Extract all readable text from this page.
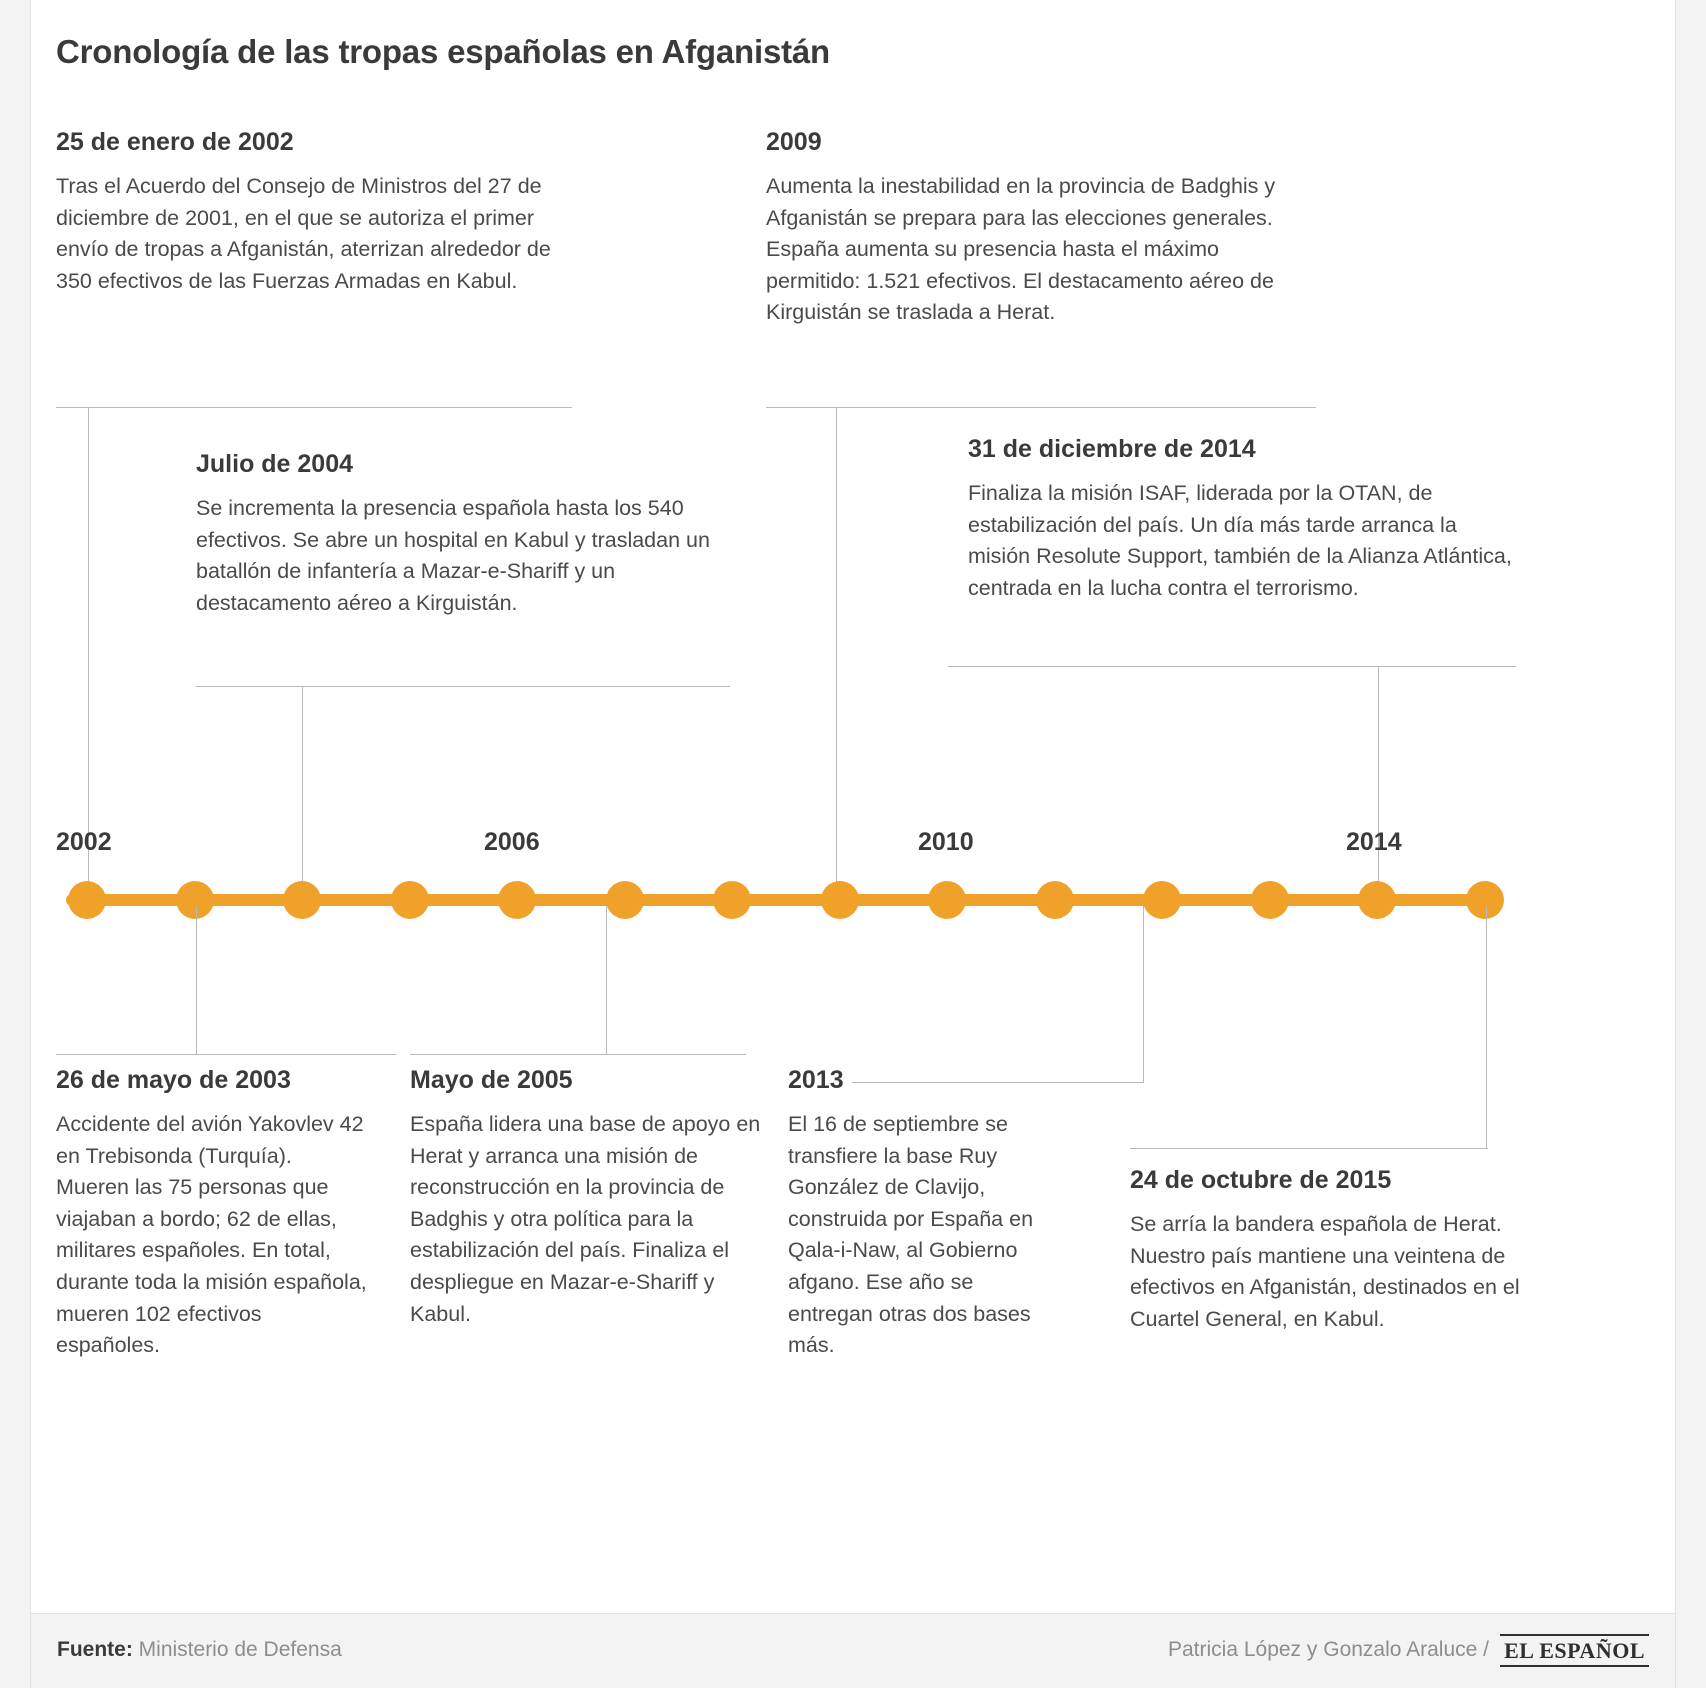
Cronología de las tropas españolas en Afganistán
25 de enero de 2002
Tras el Acuerdo del Consejo de Ministros del 27 de diciembre de 2001, en el que se autoriza el primer envío de tropas a Afganistán, aterrizan alrededor de 350 efectivos de las Fuerzas Armadas en Kabul.
Julio de 2004
Se incrementa la presencia española hasta los 540 efectivos. Se abre un hospital en Kabul y trasladan un batallón de infantería a Mazar-e-Shariff y un destacamento aéreo a Kirguistán.
2009
Aumenta la inestabilidad en la provincia de Badghis y Afganistán se prepara para las elecciones generales. España aumenta su presencia hasta el máximo permitido: 1.521 efectivos. El destacamento aéreo de Kirguistán se traslada a Herat.
31 de diciembre de 2014
Finaliza la misión ISAF, liderada por la OTAN, de estabilización del país. Un día más tarde arranca la misión Resolute Support, también de la Alianza Atlántica, centrada en la lucha contra el terrorismo.
2002	2006	2010	2014
26 de mayo de 2003
Accidente del avión Yakovlev 42 en Trebisonda (Turquía). Mueren las 75 personas que viajaban a bordo; 62 de ellas, militares españoles. En total, durante toda la misión española, mueren 102 efectivos españoles.
Mayo de 2005
España lidera una base de apoyo en Herat y arranca una misión de reconstrucción en la provincia de Badghis y otra política para la estabilización del país. Finaliza el despliegue en Mazar-e-Shariff y Kabul.
2013
El 16 de septiembre se transfiere la base Ruy González de Clavijo, construida por España en Qala-i-Naw, al Gobierno afgano. Ese año se entregan otras dos bases más.
24 de octubre de 2015
Se arría la bandera española de Herat. Nuestro país mantiene una veintena de efectivos en Afganistán, destinados en el Cuartel General, en Kabul.
Fuente: Ministerio de Defensa	Patricia López y Gonzalo Araluce / EL ESPAÑOL
